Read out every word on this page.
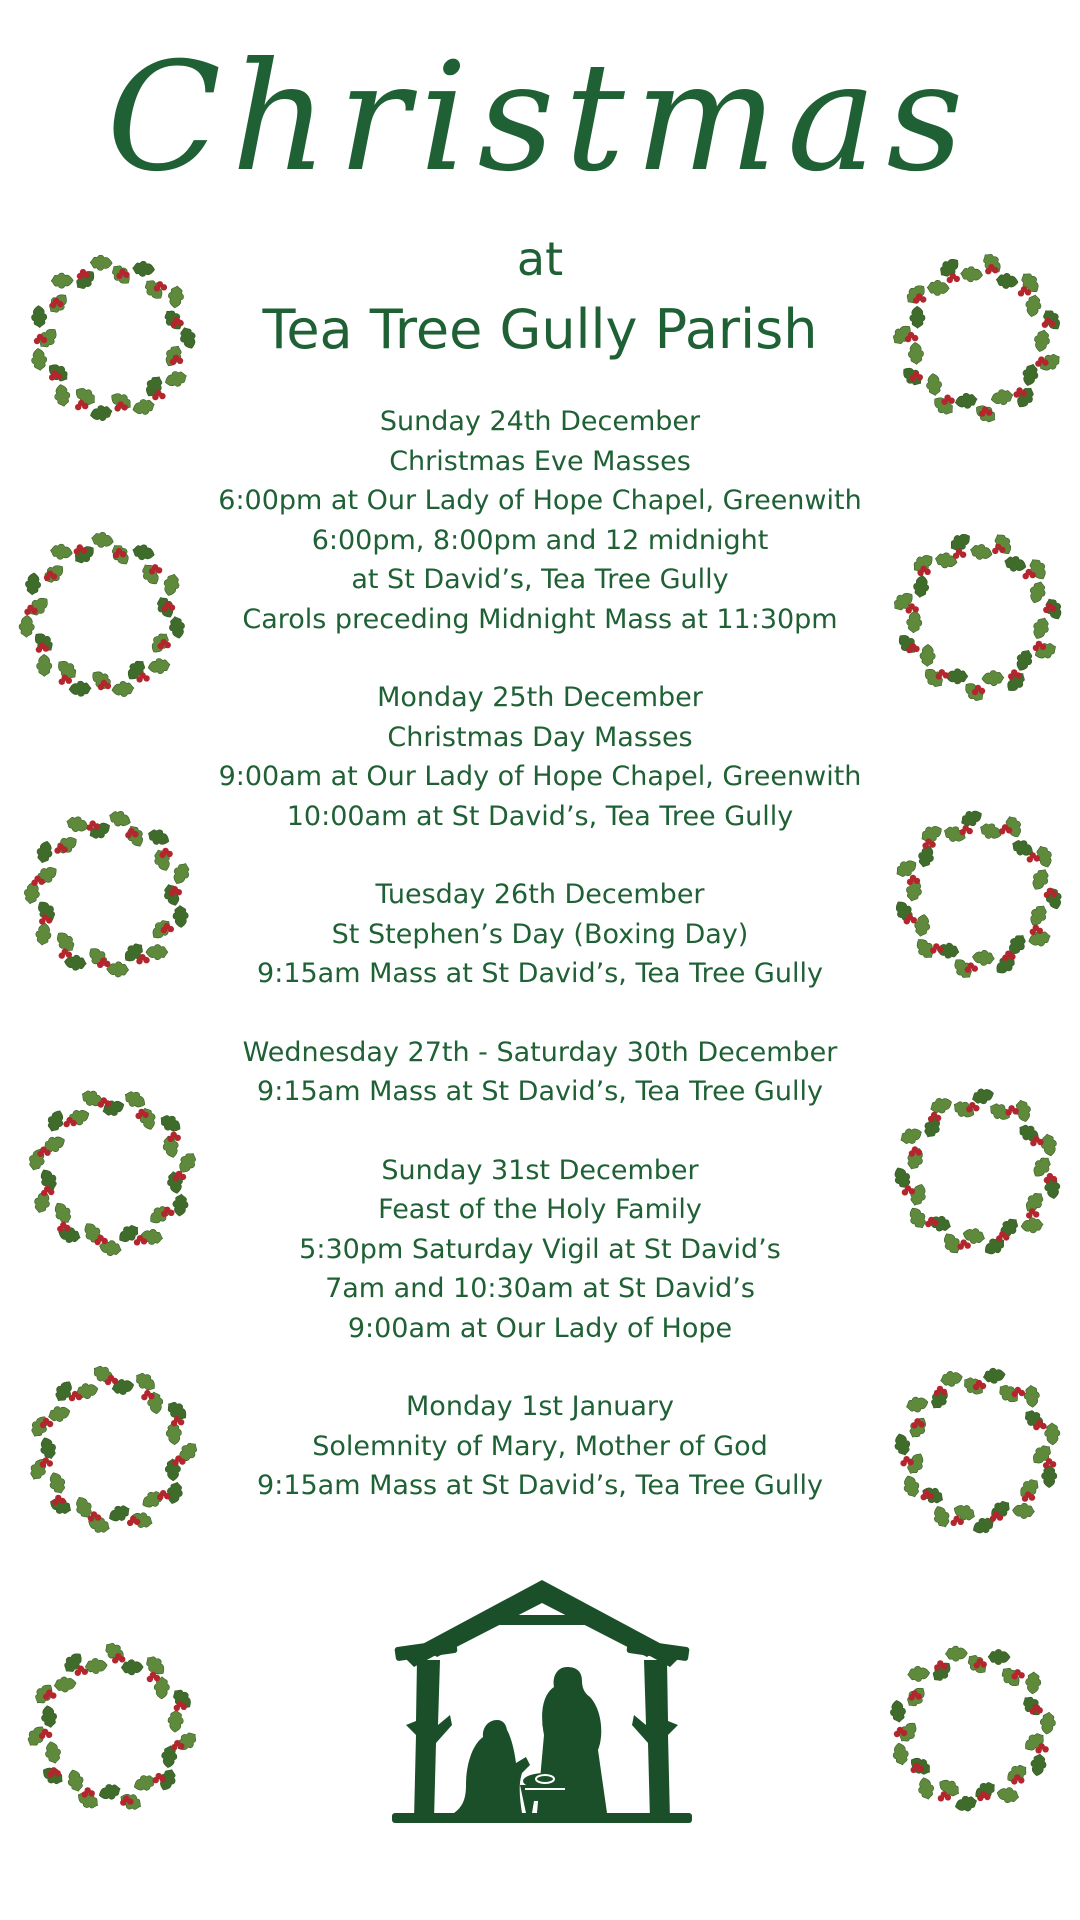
Christmas
at
Tea Tree Gully Parish
Sunday 24th December
Christmas Eve Masses
6:00pm at Our Lady of Hope Chapel, Greenwith
6:00pm, 8:00pm and 12 midnight
at St David’s, Tea Tree Gully
Carols preceding Midnight Mass at 11:30pm
Monday 25th December
Christmas Day Masses
9:00am at Our Lady of Hope Chapel, Greenwith
10:00am at St David’s, Tea Tree Gully
Tuesday 26th December
St Stephen’s Day (Boxing Day)
9:15am Mass at St David’s, Tea Tree Gully
Wednesday 27th - Saturday 30th December
9:15am Mass at St David’s, Tea Tree Gully
Sunday 31st December
Feast of the Holy Family
5:30pm Saturday Vigil at St David’s
7am and 10:30am at St David’s
9:00am at Our Lady of Hope
Monday 1st January
Solemnity of Mary, Mother of God
9:15am Mass at St David’s, Tea Tree Gully
